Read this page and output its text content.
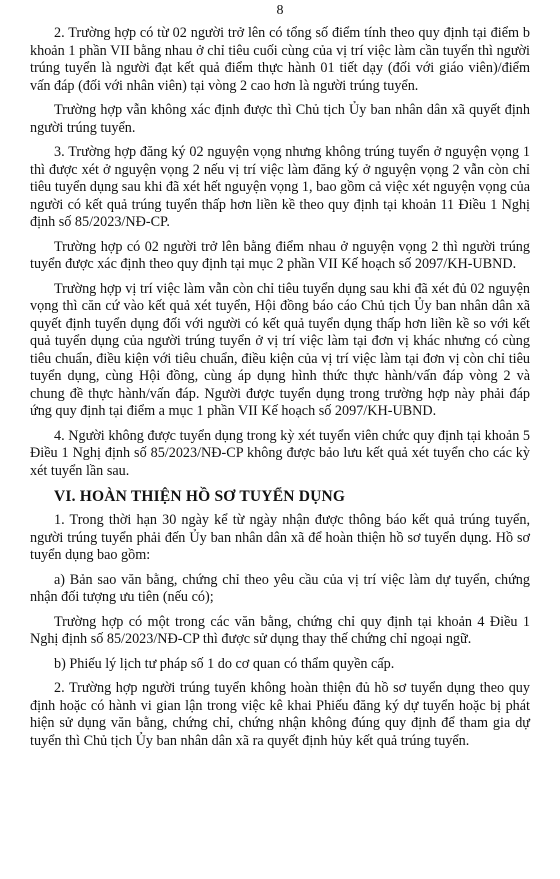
8

2. Trường hợp có từ 02 người trở lên có tổng số điểm tính theo quy định tại điểm b khoản 1 phần VII bằng nhau ở chỉ tiêu cuối cùng của vị trí việc làm cần tuyển thì người trúng tuyển là người đạt kết quả điểm thực hành 01 tiết dạy (đối với giáo viên)/điểm vấn đáp (đối với nhân viên) tại vòng 2 cao hơn là người trúng tuyển.

Trường hợp vẫn không xác định được thì Chủ tịch Ủy ban nhân dân xã quyết định người trúng tuyển.

3. Trường hợp đăng ký 02 nguyện vọng nhưng không trúng tuyển ở nguyện vọng 1 thì được xét ở nguyện vọng 2 nếu vị trí việc làm đăng ký ở nguyện vọng 2 vẫn còn chỉ tiêu tuyển dụng sau khi đã xét hết nguyện vọng 1, bao gồm cả việc xét nguyện vọng của người có kết quả trúng tuyển thấp hơn liền kề theo quy định tại khoản 11 Điều 1 Nghị định số 85/2023/NĐ-CP.

Trường hợp có 02 người trở lên bằng điểm nhau ở nguyện vọng 2 thì người trúng tuyển được xác định theo quy định tại mục 2 phần VII Kế hoạch số 2097/KH-UBND.

Trường hợp vị trí việc làm vẫn còn chỉ tiêu tuyển dụng sau khi đã xét đủ 02 nguyện vọng thì căn cứ vào kết quả xét tuyển, Hội đồng báo cáo Chủ tịch Ủy ban nhân dân xã quyết định tuyển dụng đối với người có kết quả tuyển dụng thấp hơn liền kề so với kết quả tuyển dụng của người trúng tuyển ở vị trí việc làm tại đơn vị khác nhưng có cùng tiêu chuẩn, điều kiện với tiêu chuẩn, điều kiện của vị trí việc làm tại đơn vị còn chỉ tiêu tuyển dụng, cùng Hội đồng, cùng áp dụng hình thức thực hành/vấn đáp vòng 2 và chung đề thực hành/vấn đáp. Người được tuyển dụng trong trường hợp này phải đáp ứng quy định tại điểm a mục 1 phần VII Kế hoạch số 2097/KH-UBND.

4. Người không được tuyển dụng trong kỳ xét tuyển viên chức quy định tại khoản 5 Điều 1 Nghị định số 85/2023/NĐ-CP không được bảo lưu kết quả xét tuyển cho các kỳ xét tuyển lần sau.

VI. HOÀN THIỆN HỒ SƠ TUYỂN DỤNG

1. Trong thời hạn 30 ngày kể từ ngày nhận được thông báo kết quả trúng tuyển, người trúng tuyển phải đến Ủy ban nhân dân xã để hoàn thiện hồ sơ tuyển dụng. Hồ sơ tuyển dụng bao gồm:

a) Bản sao văn bằng, chứng chỉ theo yêu cầu của vị trí việc làm dự tuyển, chứng nhận đối tượng ưu tiên (nếu có);

Trường hợp có một trong các văn bằng, chứng chỉ quy định tại khoản 4 Điều 1 Nghị định số 85/2023/NĐ-CP thì được sử dụng thay thế chứng chỉ ngoại ngữ.

b) Phiếu lý lịch tư pháp số 1 do cơ quan có thẩm quyền cấp.

2. Trường hợp người trúng tuyển không hoàn thiện đủ hồ sơ tuyển dụng theo quy định hoặc có hành vi gian lận trong việc kê khai Phiếu đăng ký dự tuyển hoặc bị phát hiện sử dụng văn bằng, chứng chỉ, chứng nhận không đúng quy định để tham gia dự tuyển thì Chủ tịch Ủy ban nhân dân xã ra quyết định hủy kết quả trúng tuyển.
